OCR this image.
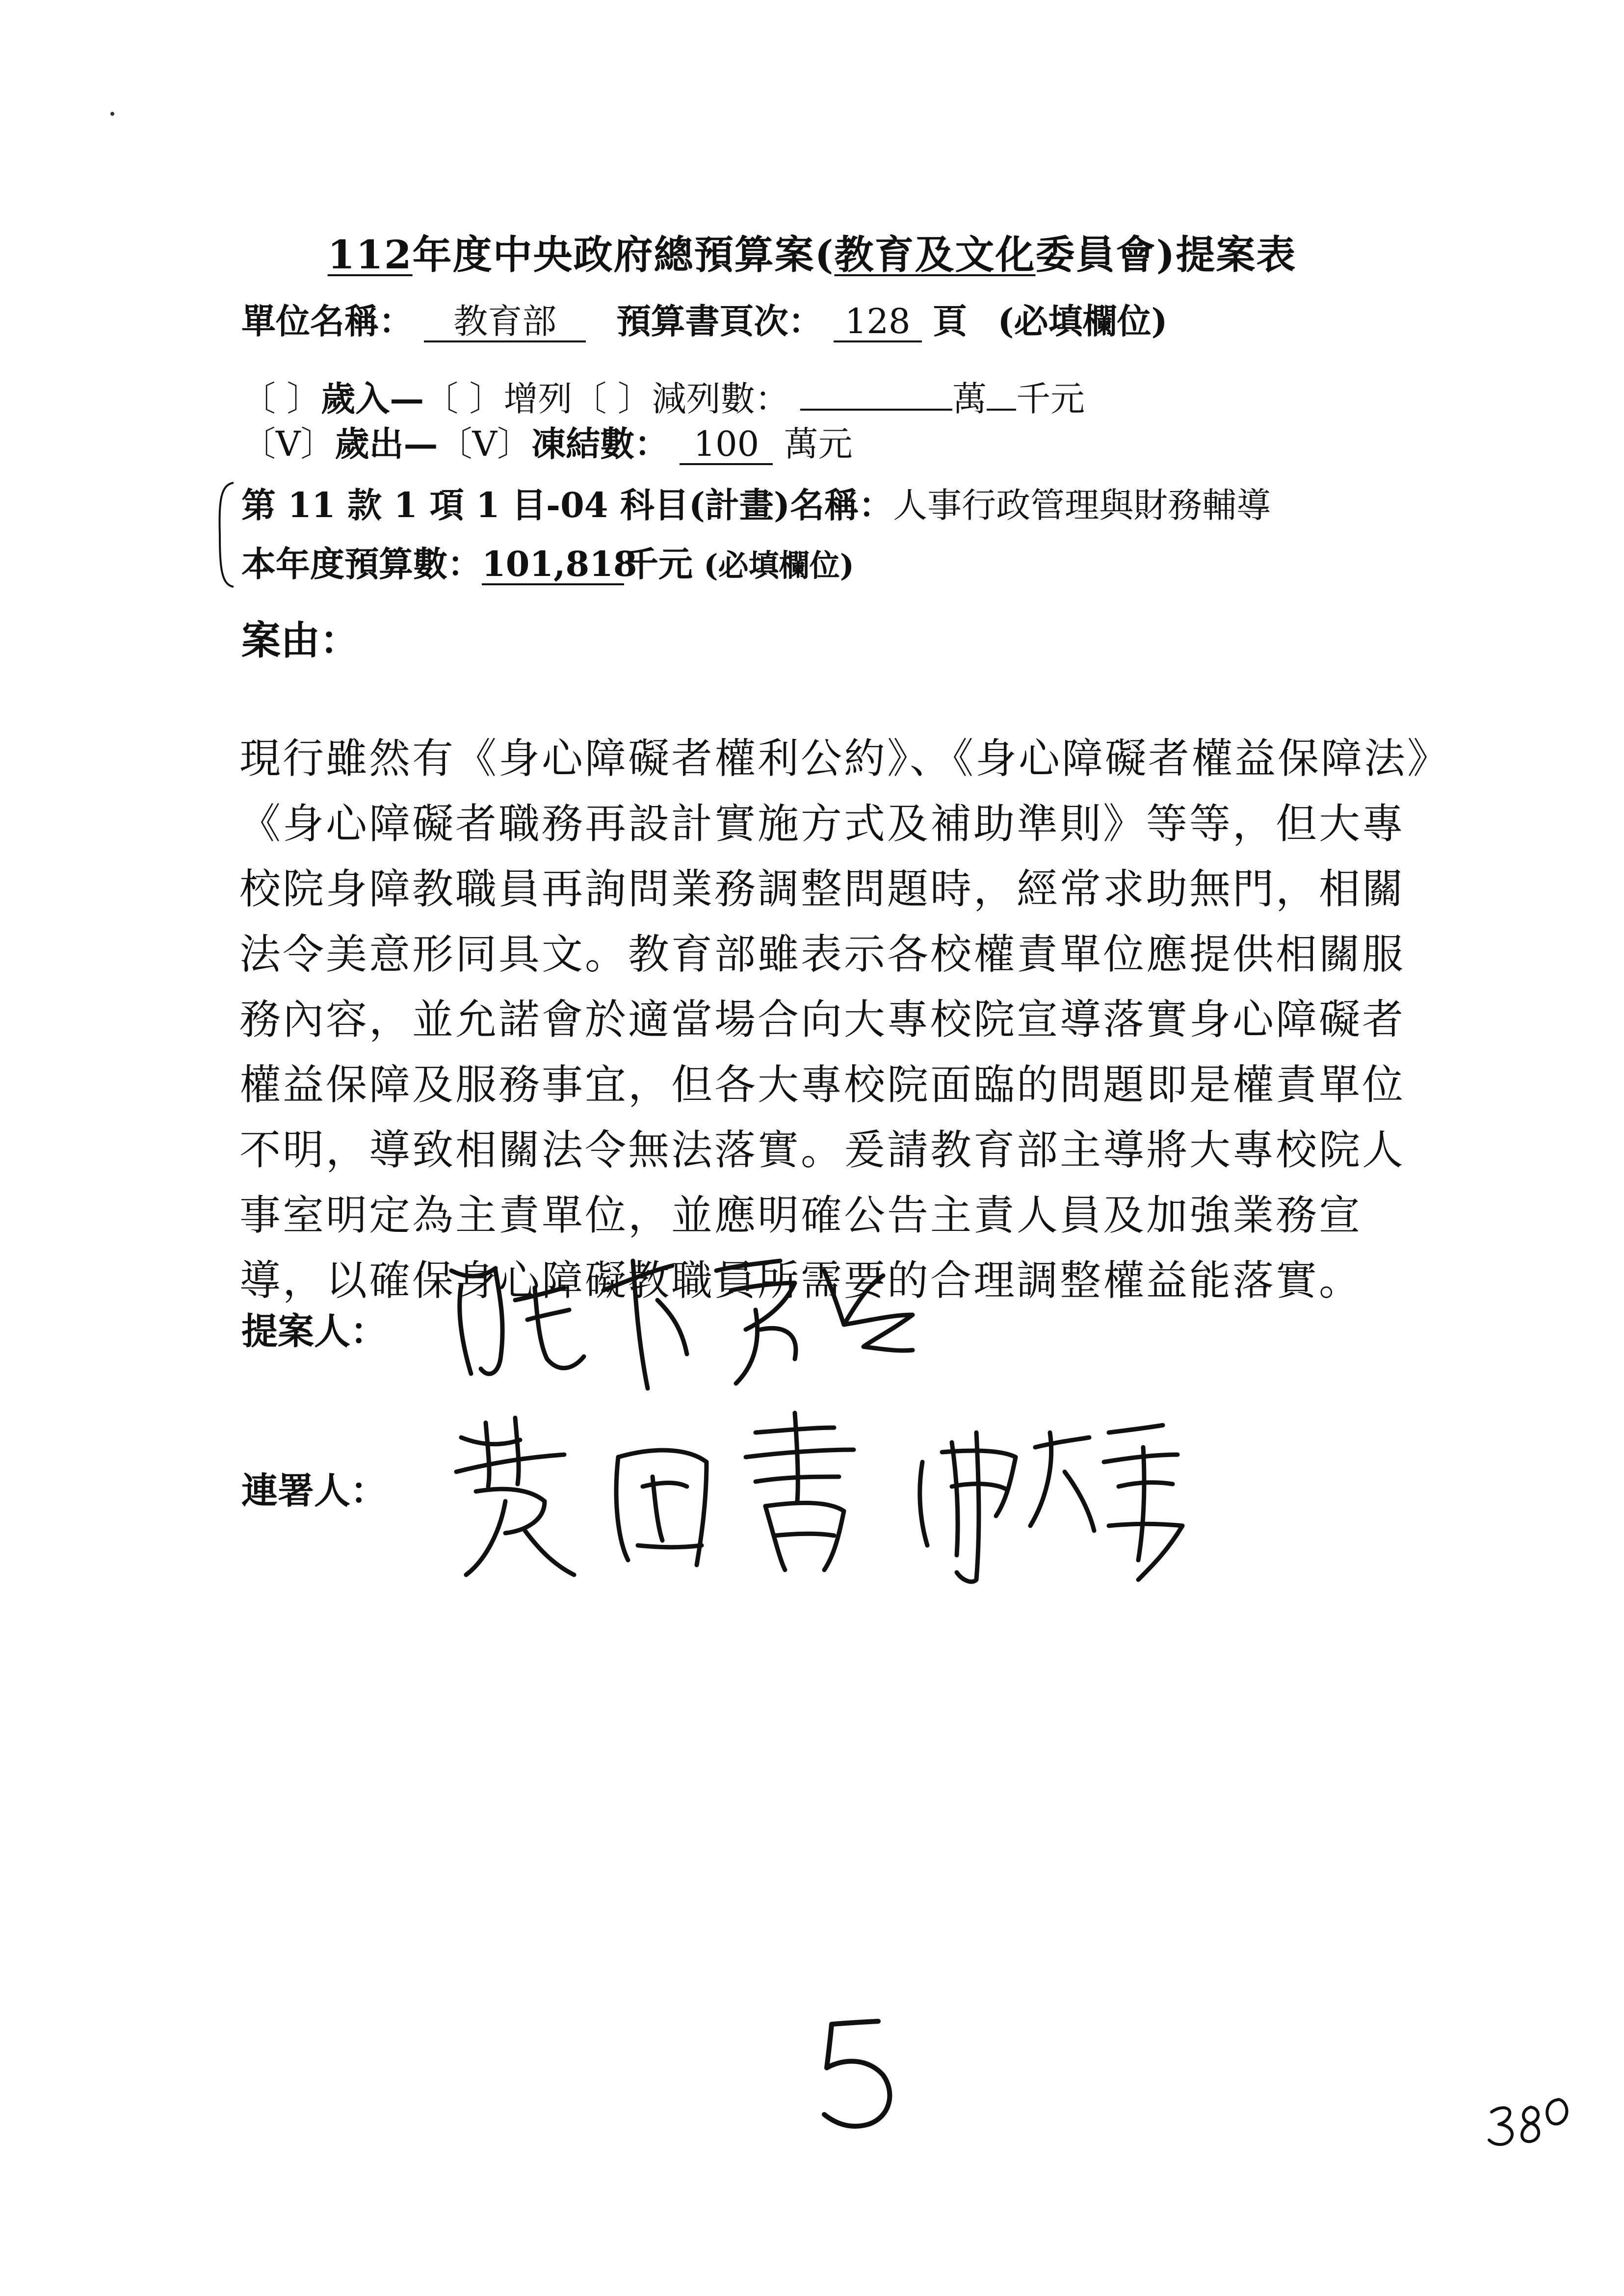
112年度中央政府總預算案(教育及文化委員會)提案表
單位名稱： 教育部 預算書頁次： 128 頁 (必填欄位)
〔 〕歲入—〔 〕增列〔 〕減列數：	萬 千元
〔V〕歲出—〔V〕凍結數： 100 萬元
第 11 款 1 項 1 目-04 科目(計畫)名稱：人事行政管理與財務輔導
本年度預算數：101,818千元 (必填欄位)
案由：
現行雖然有《身心障礙者權利公約》、《身心障礙者權益保障法》
《身心障礙者職務再設計實施方式及補助準則》等等，但大專
校院身障教職員再詢問業務調整問題時，經常求助無門，相關
法令美意形同具文。教育部雖表示各校權責單位應提供相關服
務內容，並允諾會於適當場合向大專校院宣導落實身心障礙者
權益保障及服務事宜，但各大專校院面臨的問題即是權責單位
不明，導致相關法令無法落實。爰請教育部主導將大專校院人
事室明定為主責單位，並應明確公告主責人員及加強業務宣
導，以確保身心障礙教職員所需要的合理調整權益能落實。
提案人：
連署人：
